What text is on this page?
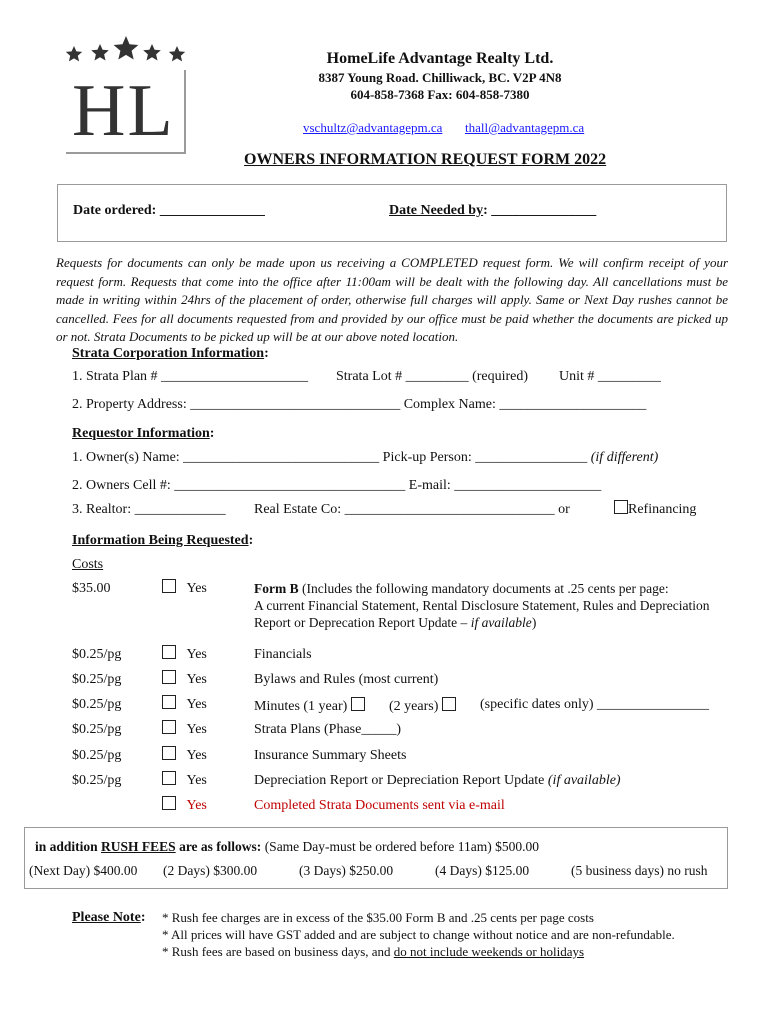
HL
HomeLife Advantage Realty Ltd.
8387 Young Road. Chilliwack, BC. V2P 4N8
604-858-7368 Fax: 604-858-7380
vschultz@advantagepm.ca thall@advantagepm.ca
OWNERS INFORMATION REQUEST FORM 2022
Date ordered: _______________	Date Needed by: _______________
Requests for documents can only be made upon us receiving a COMPLETED request form. We will confirm receipt of your request form. Requests that come into the office after 11:00am will be dealt with the following day. All cancellations must be made in writing within 24hrs of the placement of order, otherwise full charges will apply. Same or Next Day rushes cannot be cancelled. Fees for all documents requested from and provided by our office must be paid whether the documents are picked up or not. Strata Documents to be picked up will be at our above noted location.
Strata Corporation Information:
1. Strata Plan # _____________________ Strata Lot # _________ (required) Unit # _________
2. Property Address: ______________________________ Complex Name: _____________________
Requestor Information:
1. Owner(s) Name: ____________________________ Pick-up Person: ________________ (if different)
2. Owners Cell #: _________________________________ E-mail: _____________________
3. Realtor: _____________ Real Estate Co: ______________________________ or	Refinancing
Information Being Requested:
Costs
$35.00	Yes	Form B (Includes the following mandatory documents at .25 cents per page:
A current Financial Statement, Rental Disclosure Statement, Rules and Depreciation
Report or Deprecation Report Update – if available)
$0.25/pg	Yes	Financials
$0.25/pg	Yes	Bylaws and Rules (most current)
$0.25/pg	Yes	Minutes (1 year)	(2 years)	(specific dates only) ________________
$0.25/pg	Yes	Strata Plans (Phase_____)
$0.25/pg	Yes	Insurance Summary Sheets
$0.25/pg	Yes	Depreciation Report or Depreciation Report Update (if available)
Yes	Completed Strata Documents sent via e-mail
in addition RUSH FEES are as follows: (Same Day-must be ordered before 11am) $500.00
(Next Day) $400.00 (2 Days) $300.00	(3 Days) $250.00	(4 Days) $125.00	(5 business days) no rush
Please Note: * Rush fee charges are in excess of the $35.00 Form B and .25 cents per page costs
* All prices will have GST added and are subject to change without notice and are non-refundable.
* Rush fees are based on business days, and do not include weekends or holidays
